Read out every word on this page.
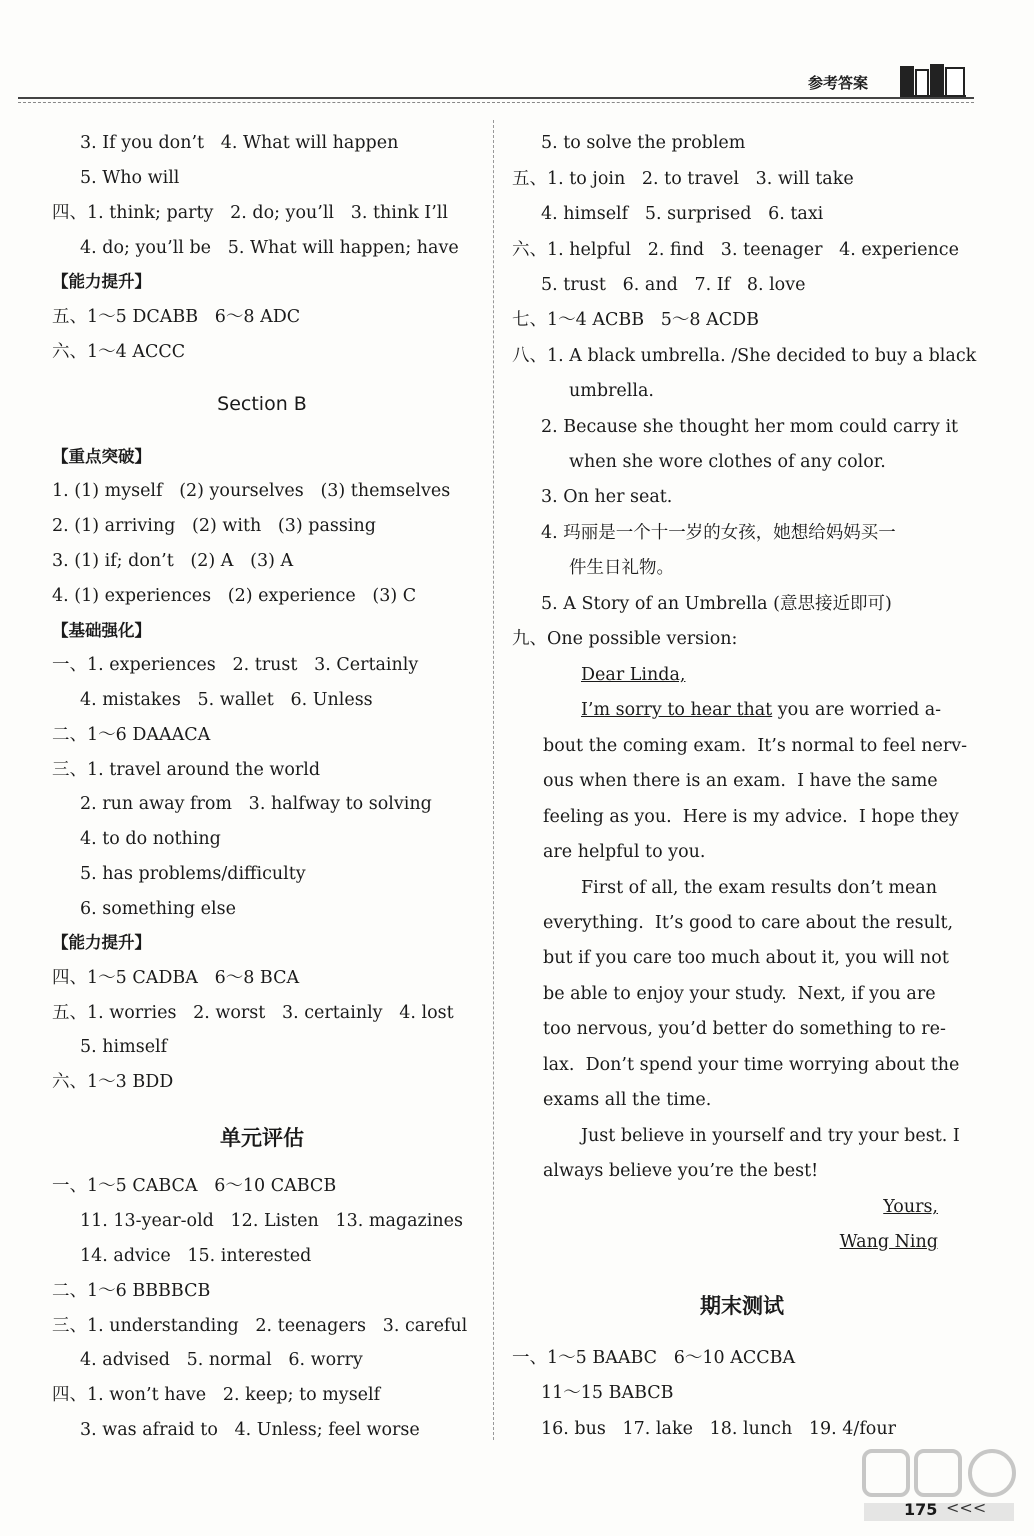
参考答案
3. If you don’t   4. What will happen
5. Who will
四、1. think; party   2. do; you’ll   3. think I’ll
4. do; you’ll be   5. What will happen; have
【能力提升】
五、1～5 DCABB   6～8 ADC
六、1～4 ACCC
【重点突破】
1. (1) myself   (2) yourselves   (3) themselves
2. (1) arriving   (2) with   (3) passing
3. (1) if; don’t   (2) A   (3) A
4. (1) experiences   (2) experience   (3) C
【基础强化】
一、1. experiences   2. trust   3. Certainly
4. mistakes   5. wallet   6. Unless
二、1～6 DAAACA
三、1. travel around the world
2. run away from   3. halfway to solving
4. to do nothing
5. has problems/difficulty
6. something else
【能力提升】
四、1～5 CADBA   6～8 BCA
五、1. worries   2. worst   3. certainly   4. lost
5. himself
六、1～3 BDD
一、1～5 CABCA   6～10 CABCB
11. 13-year-old   12. Listen   13. magazines
14. advice   15. interested
二、1～6 BBBBCB
三、1. understanding   2. teenagers   3. careful
4. advised   5. normal   6. worry
四、1. won’t have   2. keep; to myself
3. was afraid to   4. Unless; feel worse
5. to solve the problem
五、1. to join   2. to travel   3. will take
4. himself   5. surprised   6. taxi
六、1. helpful   2. find   3. teenager   4. experience
5. trust   6. and   7. If   8. love
七、1～4 ACBB   5～8 ACDB
八、1. A black umbrella. /She decided to buy a black
umbrella.
2. Because she thought her mom could carry it
when she wore clothes of any color.
3. On her seat.
4. 玛丽是一个十一岁的女孩，她想给妈妈买一
件生日礼物。
5. A Story of an Umbrella (意思接近即可)
九、One possible version:
Dear Linda,
ous when there is an exam.  I have the same
bout the coming exam.  It’s normal to feel nerv-
feeling as you.  Here is my advice.  I hope they
are helpful to you.
First of all, the exam results don’t mean
everything.  It’s good to care about the result,
but if you care too much about it, you will not
be able to enjoy your study.  Next, if you are
too nervous, you’d better do something to re-
lax.  Don’t spend your time worrying about the
exams all the time.
Just believe in yourself and try your best. I
always believe you’re the best!
一、1～5 BAABC   6～10 ACCBA
11～15 BABCB
16. bus   17. lake   18. lunch   19. 4/four
Section B
单元评估
I’m sorry to hear that you are worried a-
Yours,
Wang Ning
期末测试
175 <<<
